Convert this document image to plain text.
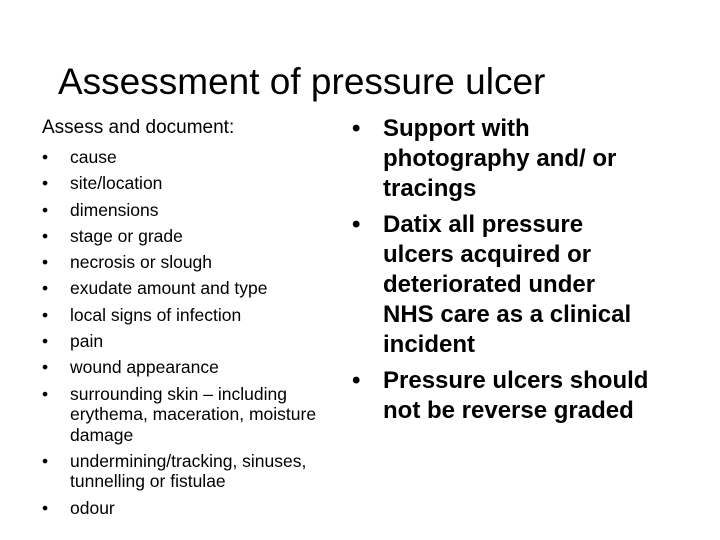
Assessment of pressure ulcer
Assess and document:
• cause
• site/location
• dimensions
• stage or grade
• necrosis or slough
• exudate amount and type
• local signs of infection
• pain
• wound appearance
• surrounding skin – including erythema, maceration, moisture damage
• undermining/tracking, sinuses, tunnelling or fistulae
• odour
• Support with photography and/ or tracings
• Datix all pressure ulcers acquired or deteriorated under NHS care as a clinical incident
• Pressure ulcers should not be reverse graded
